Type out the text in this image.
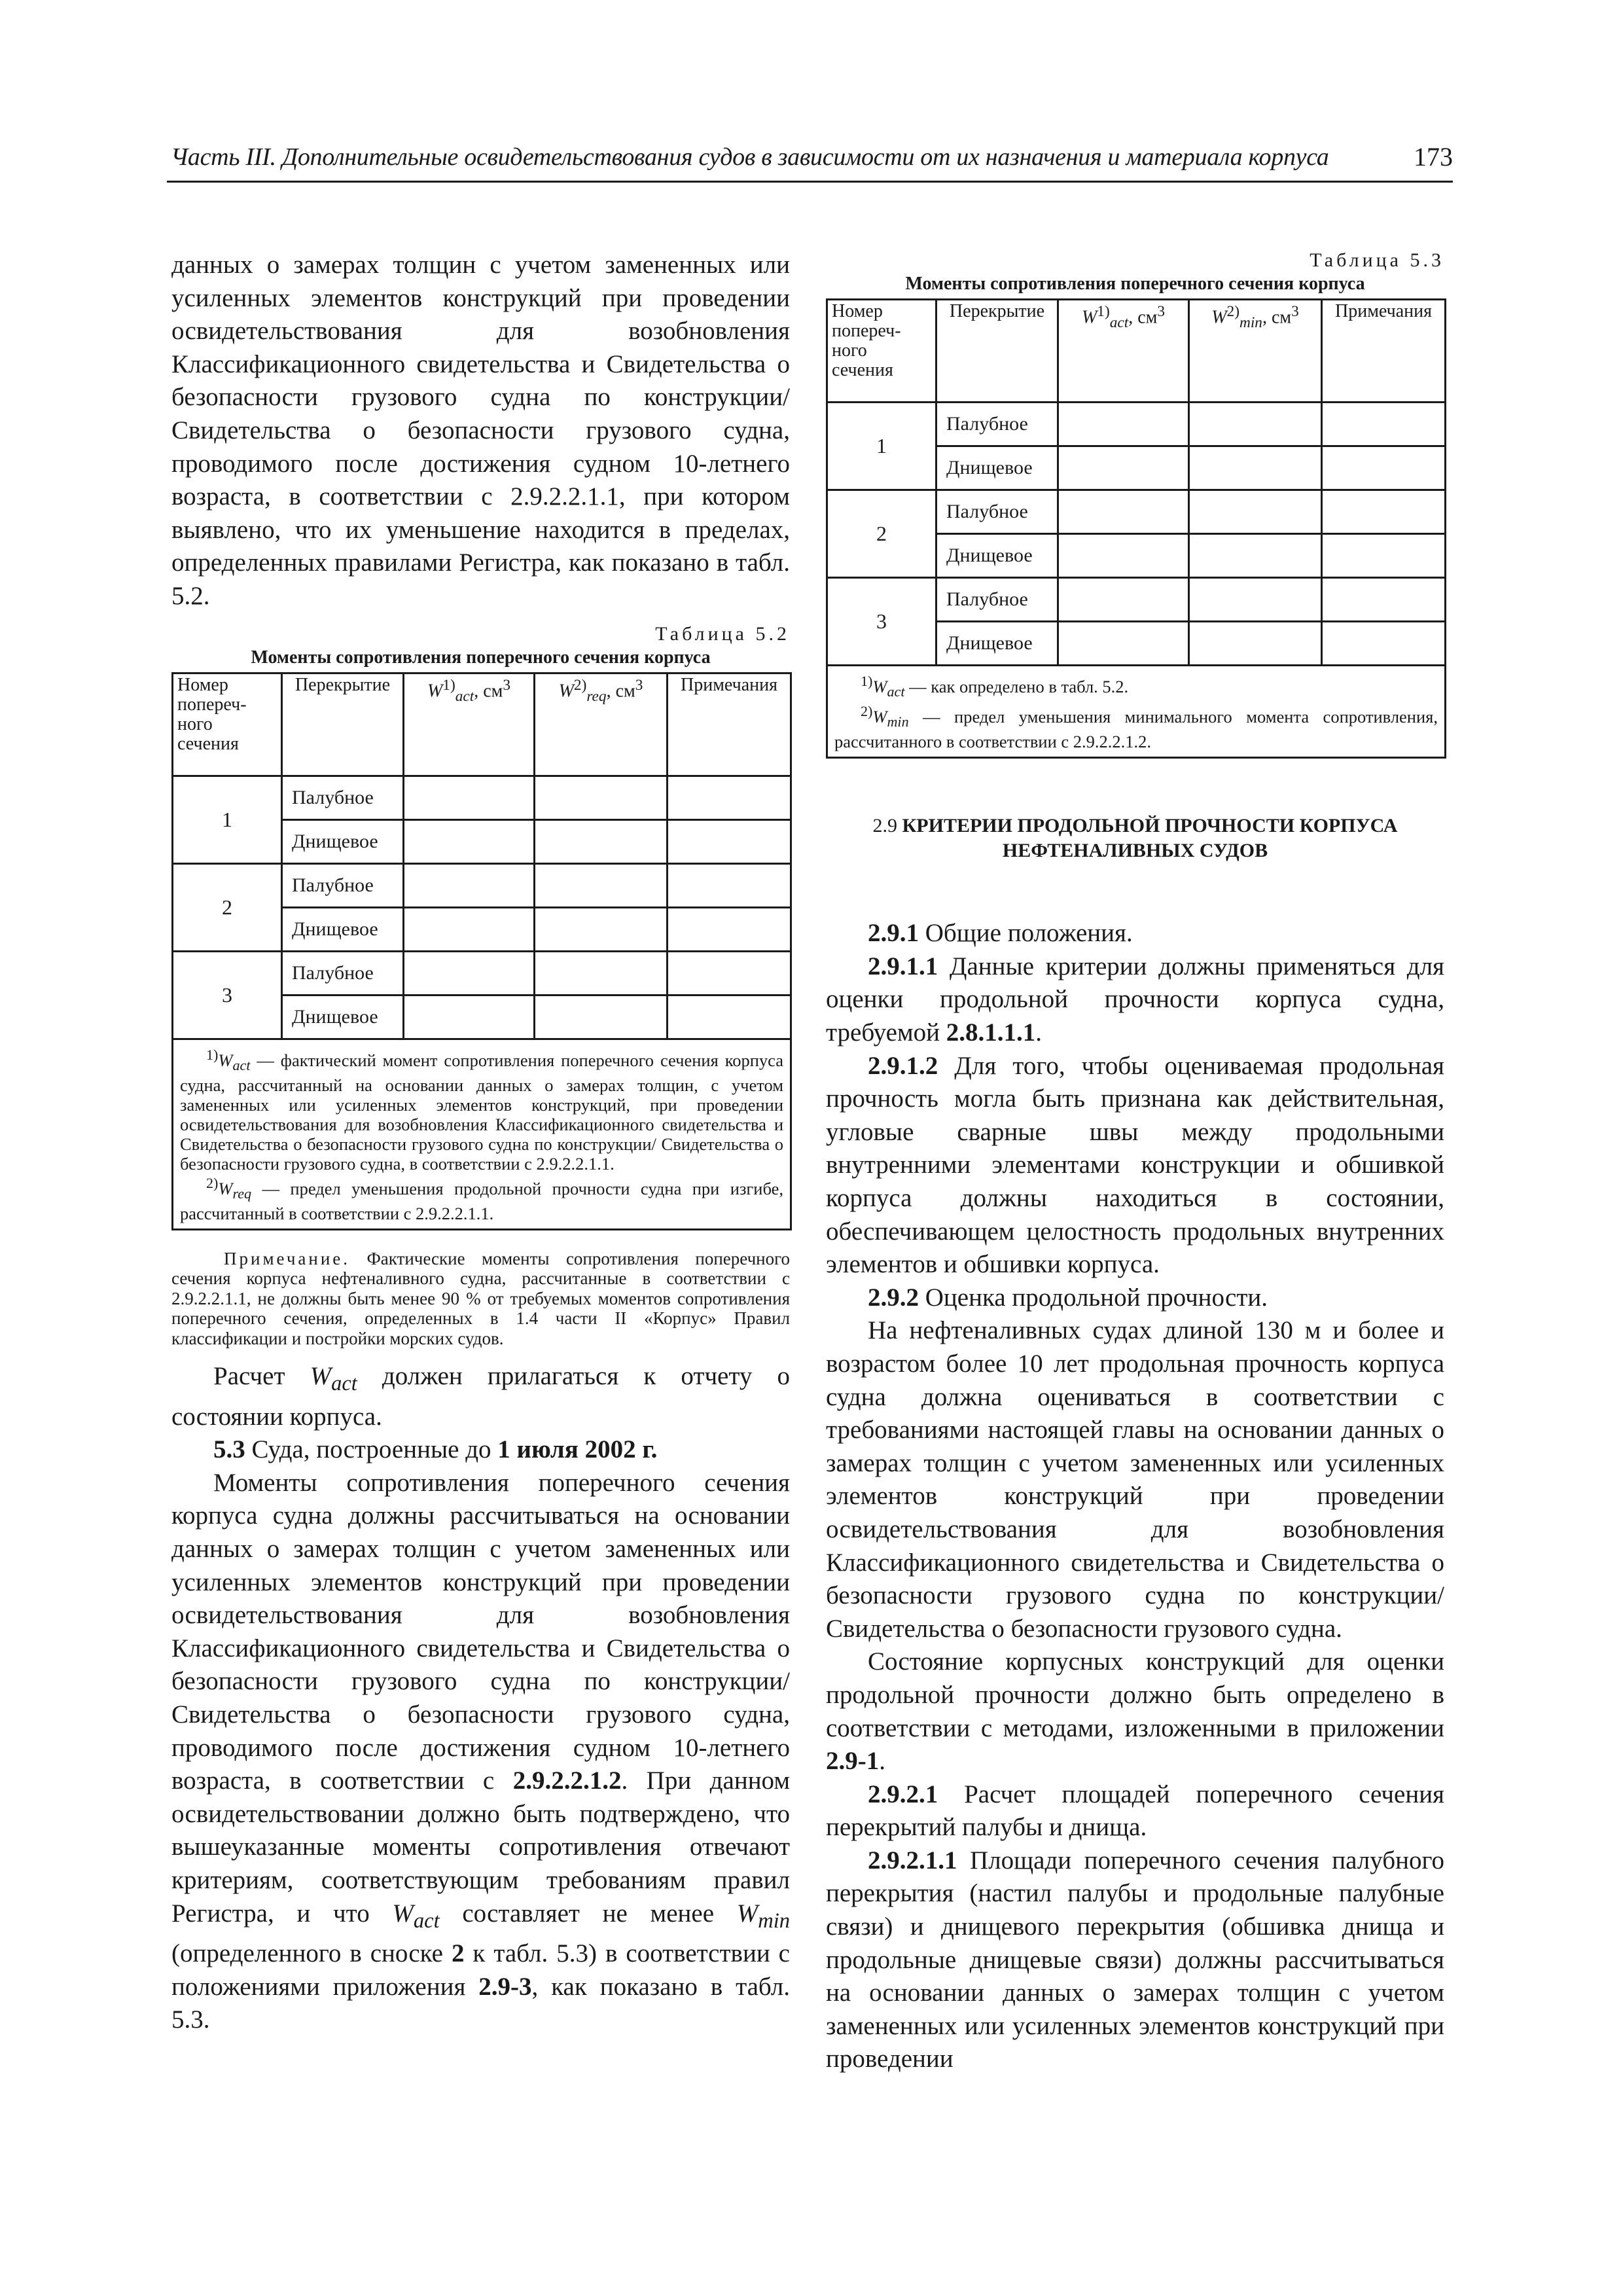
Часть III. Дополнительные освидетельствования судов в зависимости от их назначения и материала корпуса	173

данных о замерах толщин с учетом замененных или усиленных элементов конструкций при проведении освидетельствования для возобновления Классификационного свидетельства и Свидетельства о безопасности грузового судна по конструкции/ Свидетельства о безопасности грузового судна, проводимого после достижения судном 10-летнего возраста, в соответствии с 2.9.2.2.1.1, при котором выявлено, что их уменьшение находится в пределах, определенных правилами Регистра, как показано в табл. 5.2.

Таблица 5.2
Моменты сопротивления поперечного сечения корпуса
Номер попереч-ного сечения	Перекрытие	$W^{1)}_{act}$, $см^3$	$W^{2)}_{req}$, $см^3$	Примечания
1	Палубное			
	Днищевое			
2	Палубное			
	Днищевое			
3	Палубное			
	Днищевое			

$^{1)}W_{act}$ — фактический момент сопротивления поперечного сечения корпуса судна, рассчитанный на основании данных о замерах толщин, с учетом замененных или усиленных элементов конструкций, при проведении освидетельствования для возобновления Классификационного свидетельства и Свидетельства о безопасности грузового судна по конструкции/ Свидетельства о безопасности грузового судна, в соответствии с 2.9.2.2.1.1.
$^{2)}W_{req}$ — предел уменьшения продольной прочности судна при изгибе, рассчитанный в соответствии с 2.9.2.2.1.1.				
Примечание. Фактические моменты сопротивления поперечного сечения корпуса нефтеналивного судна, рассчитанные в соответствии с 2.9.2.2.1.1, не должны быть менее 90 % от требуемых моментов сопротивления поперечного сечения, определенных в 1.4 части II «Корпус» Правил классификации и постройки морских судов.

Расчет $W_{act}$ должен прилагаться к отчету о состоянии корпуса.

5.3 Суда, построенные до 1 июля 2002 г.

Моменты сопротивления поперечного сечения корпуса судна должны рассчитываться на основании данных о замерах толщин с учетом замененных или усиленных элементов конструкций при проведении освидетельствования для возобновления Классификационного свидетельства и Свидетельства о безопасности грузового судна по конструкции/Свидетельства о безопасности грузового судна, проводимого после достижения судном 10-летнего возраста, в соответствии с 2.9.2.2.1.2. При данном освидетельствовании должно быть подтверждено, что вышеуказанные моменты сопротивления отвечают критериям, соответствующим требованиям правил Регистра, и что $W_{act}$ составляет не менее $W_{min}$ (определенного в сноске 2 к табл. 5.3) в соответствии с положениями приложения 2.9-3, как показано в табл. 5.3.

Таблица 5.3
Моменты сопротивления поперечного сечения корпуса
Номер попереч-ного сечения	Перекрытие	$W^{1)}_{act}$, $см^3$	$W^{2)}_{min}$, $см^3$	Примечания
1	Палубное			
	Днищевое			
2	Палубное			
	Днищевое			
3	Палубное			
	Днищевое			

$^{1)}W_{act}$ — как определено в табл. 5.2.
$^{2)}W_{min}$ — предел уменьшения минимального момента сопротивления, рассчитанного в соответствии с 2.9.2.2.1.2.				
2.9 КРИТЕРИИ ПРОДОЛЬНОЙ ПРОЧНОСТИ КОРПУСА
НЕФТЕНАЛИВНЫХ СУДОВ

2.9.1 Общие положения.

2.9.1.1 Данные критерии должны применяться для оценки продольной прочности корпуса судна, требуемой 2.8.1.1.1.

2.9.1.2 Для того, чтобы оцениваемая продольная прочность могла быть признана как действительная, угловые сварные швы между продольными внутренними элементами конструкции и обшивкой корпуса должны находиться в состоянии, обеспечивающем целостность продольных внутренних элементов и обшивки корпуса.

2.9.2 Оценка продольной прочности.

На нефтеналивных судах длиной 130 м и более и возрастом более 10 лет продольная прочность корпуса судна должна оцениваться в соответствии с требованиями настоящей главы на основании данных о замерах толщин с учетом замененных или усиленных элементов конструкций при проведении освидетельствования для возобновления Классификационного свидетельства и Свидетельства о безопасности грузового судна по конструкции/ Свидетельства о безопасности грузового судна.

Состояние корпусных конструкций для оценки продольной прочности должно быть определено в соответствии с методами, изложенными в приложении 2.9-1.

2.9.2.1 Расчет площадей поперечного сечения перекрытий палубы и днища.

2.9.2.1.1 Площади поперечного сечения палубного перекрытия (настил палубы и продольные палубные связи) и днищевого перекрытия (обшивка днища и продольные днищевые связи) должны рассчитываться на основании данных о замерах толщин с учетом замененных или усиленных элементов конструкций при проведении
